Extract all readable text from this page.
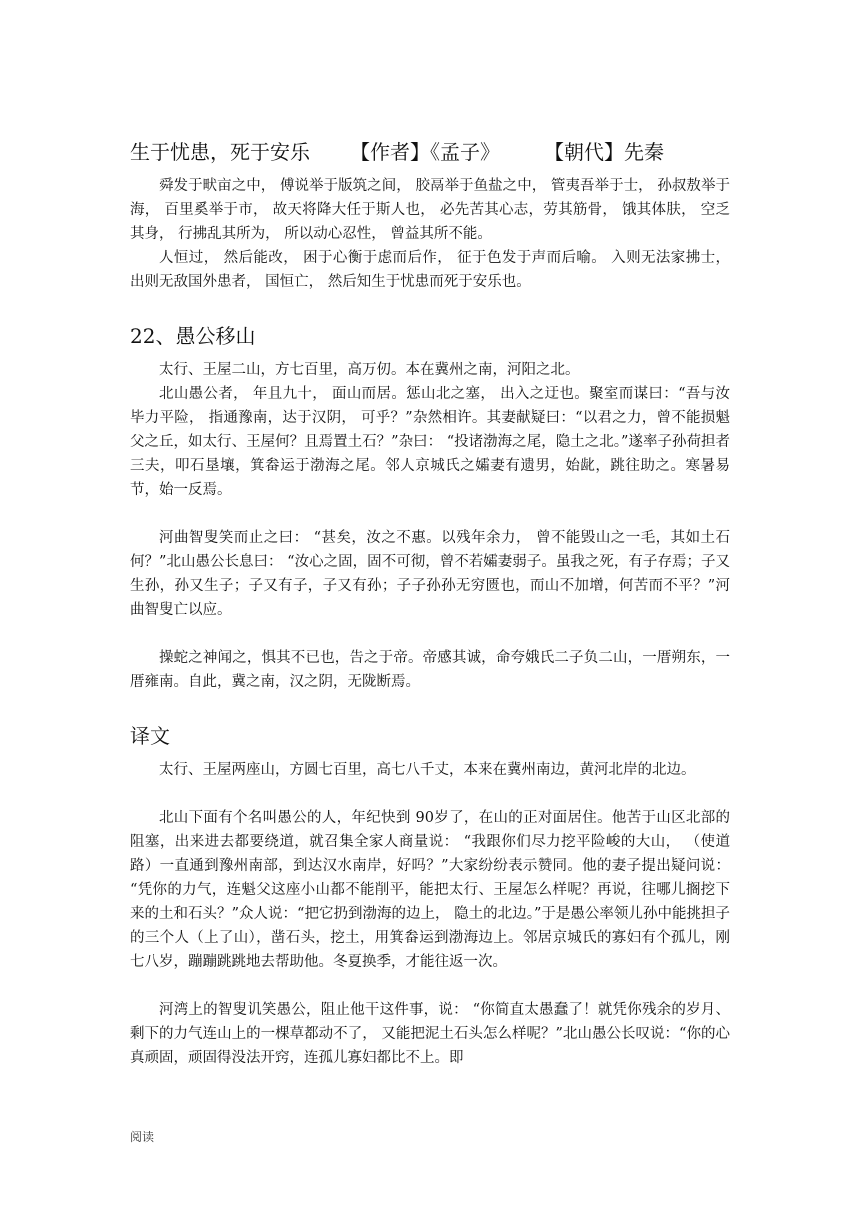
生于忧患，死于安乐 【作者】《孟子》 【朝代】先秦

舜发于畎亩之中， 傅说举于版筑之间， 胶鬲举于鱼盐之中， 管夷吾举于士， 孙叔敖举于海， 百里奚举于市， 故天将降大任于斯人也， 必先苦其心志，劳其筋骨， 饿其体肤， 空乏其身， 行拂乱其所为， 所以动心忍性， 曾益其所不能。

人恒过， 然后能改， 困于心衡于虑而后作， 征于色发于声而后喻。 入则无法家拂士， 出则无敌国外患者， 国恒亡， 然后知生于忧患而死于安乐也。

22、愚公移山

太行、王屋二山，方七百里，高万仞。本在冀州之南，河阳之北。

北山愚公者， 年且九十， 面山而居。惩山北之塞， 出入之迂也。聚室而谋曰：“吾与汝毕力平险， 指通豫南，达于汉阴， 可乎？”杂然相许。其妻献疑曰：“以君之力，曾不能损魁父之丘，如太行、王屋何？且焉置土石？”杂曰： “投诸渤海之尾，隐土之北。”遂率子孙荷担者三夫，叩石垦壤，箕畚运于渤海之尾。邻人京城氏之孀妻有遗男，始龀，跳往助之。寒暑易节，始一反焉。

河曲智叟笑而止之曰： “甚矣，汝之不惠。以残年余力， 曾不能毁山之一毛，其如土石何？”北山愚公长息曰： “汝心之固，固不可彻，曾不若孀妻弱子。虽我之死，有子存焉；子又生孙，孙又生子；子又有子，子又有孙；子子孙孙无穷匮也，而山不加增，何苦而不平？”河曲智叟亡以应。

操蛇之神闻之，惧其不已也，告之于帝。帝感其诚，命夸娥氏二子负二山，一厝朔东，一厝雍南。自此，冀之南，汉之阴，无陇断焉。

译文

太行、王屋两座山，方圆七百里，高七八千丈，本来在冀州南边，黄河北岸的北边。

北山下面有个名叫愚公的人，年纪快到 90岁了，在山的正对面居住。他苦于山区北部的阻塞，出来进去都要绕道，就召集全家人商量说： “我跟你们尽力挖平险峻的大山， （使道路）一直通到豫州南部，到达汉水南岸，好吗？”大家纷纷表示赞同。他的妻子提出疑问说： “凭你的力气，连魁父这座小山都不能削平，能把太行、王屋怎么样呢？再说，往哪儿搁挖下来的土和石头？”众人说：“把它扔到渤海的边上， 隐土的北边。”于是愚公率领儿孙中能挑担子的三个人（上了山），凿石头，挖土，用箕畚运到渤海边上。邻居京城氏的寡妇有个孤儿，刚七八岁，蹦蹦跳跳地去帮助他。冬夏换季，才能往返一次。

河湾上的智叟讥笑愚公，阻止他干这件事，说： “你简直太愚蠢了！就凭你残余的岁月、剩下的力气连山上的一棵草都动不了， 又能把泥土石头怎么样呢？”北山愚公长叹说：“你的心真顽固，顽固得没法开窍，连孤儿寡妇都比不上。即

阅读
